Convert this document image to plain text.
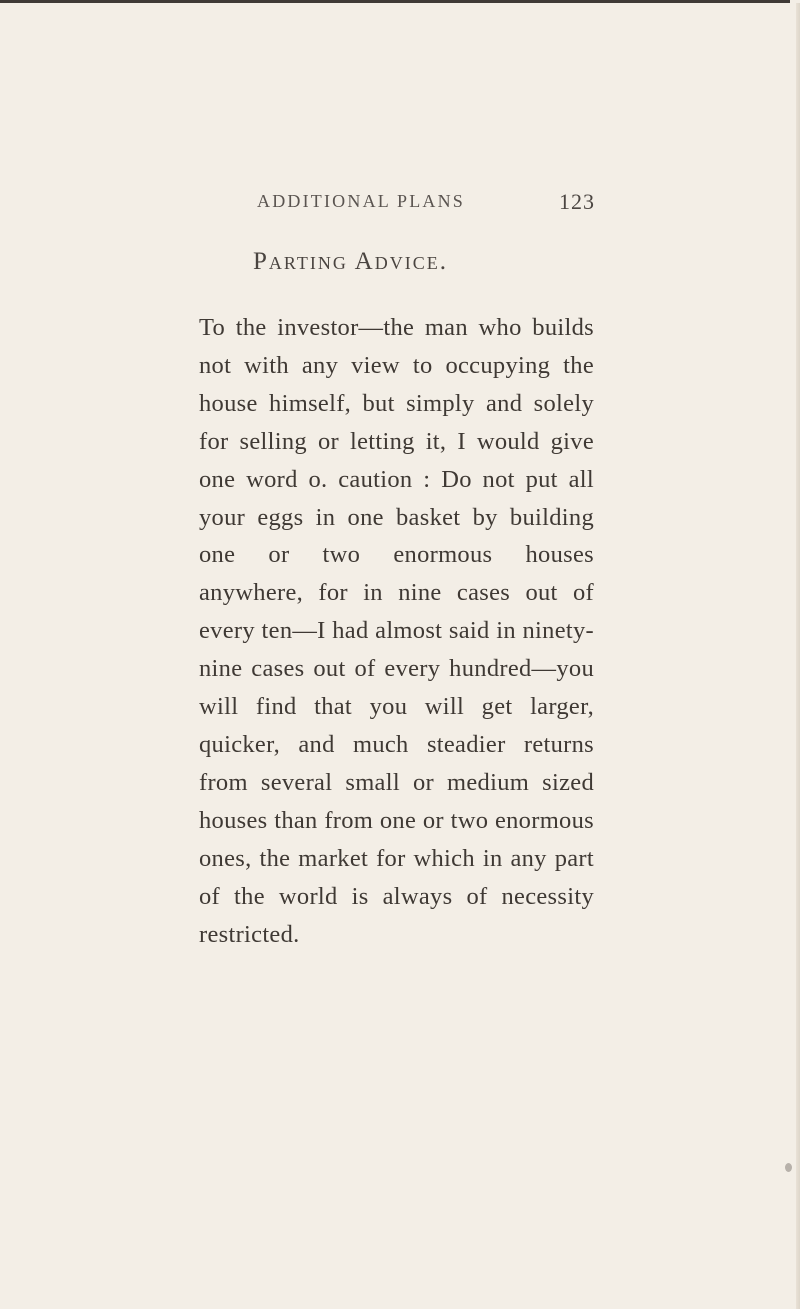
ADDITIONAL PLANS	123
Parting Advice.

To the investor—the man who builds not with any view to occupying the house himself, but simply and solely for selling or letting it, I would give one word o. caution : Do not put all your eggs in one basket by building one or two enormous houses anywhere, for in nine cases out of every ten—I had almost said in ninety-nine cases out of every hundred—you will find that you will get larger, quicker, and much steadier returns from several small or medium sized houses than from one or two enormous ones, the market for which in any part of the world is always of necessity restricted.
